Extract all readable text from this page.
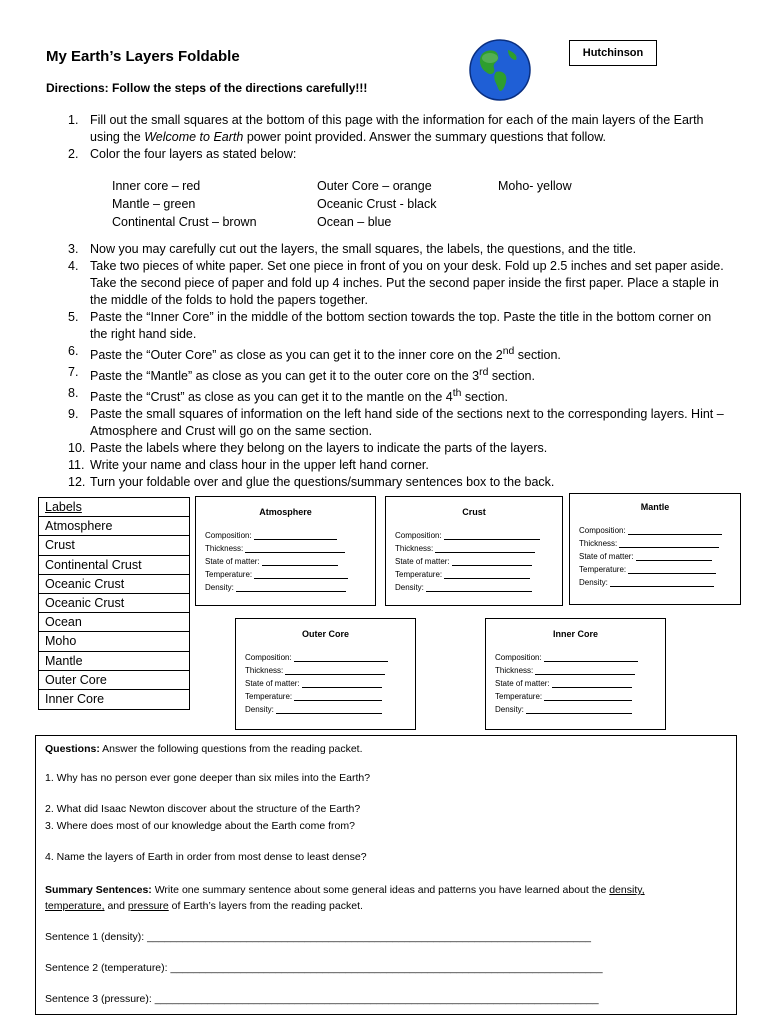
My Earth’s Layers Foldable	Hutchinson
Directions: Follow the steps of the directions carefully!!!
1. Fill out the small squares at the bottom of this page with the information for each of the main layers of the Earth using the Welcome to Earth power point provided. Answer the summary questions that follow.
2. Color the four layers as stated below:
Inner core – red	Outer Core – orange	Moho- yellow
Mantle – green	Oceanic Crust - black
Continental Crust – brown	Ocean – blue
3. Now you may carefully cut out the layers, the small squares, the labels, the questions, and the title.
4. Take two pieces of white paper. Set one piece in front of you on your desk. Fold up 2.5 inches and set paper aside. Take the second piece of paper and fold up 4 inches. Put the second paper inside the first paper. Place a staple in the middle of the folds to hold the papers together.
5. Paste the “Inner Core” in the middle of the bottom section towards the top. Paste the title in the bottom corner on the right hand side.
6. Paste the “Outer Core” as close as you can get it to the inner core on the 2nd section.
7. Paste the “Mantle” as close as you can get it to the outer core on the 3rd section.
8. Paste the “Crust” as close as you can get it to the mantle on the 4th section.
9. Paste the small squares of information on the left hand side of the sections next to the corresponding layers. Hint – Atmosphere and Crust will go on the same section.
10. Paste the labels where they belong on the layers to indicate the parts of the layers.
11. Write your name and class hour in the upper left hand corner.
12. Turn your foldable over and glue the questions/summary sentences box to the back.
Labels
Atmosphere
Crust
Continental Crust
Oceanic Crust
Oceanic Crust
Ocean
Moho
Mantle
Outer Core
Inner Core
Atmosphere
Composition:
Thickness:
State of matter:
Temperature:
Density:
Crust
Composition:
Thickness:
State of matter:
Temperature:
Density:
Mantle
Composition:
Thickness:
State of matter:
Temperature:
Density:
Outer Core
Composition:
Thickness:
State of matter:
Temperature:
Density:
Inner Core
Composition:
Thickness:
State of matter:
Temperature:
Density:

Questions: Answer the following questions from the reading packet.

1. Why has no person ever gone deeper than six miles into the Earth?

2. What did Isaac Newton discover about the structure of the Earth?

3. Where does most of our knowledge about the Earth come from?

4. Name the layers of Earth in order from most dense to least dense?

Summary Sentences: Write one summary sentence about some general ideas and patterns you have learned about the density,
temperature, and pressure of Earth’s layers from the reading packet.

Sentence 1 (density): ____________________________________________________________________________

Sentence 2 (temperature): __________________________________________________________________________

Sentence 3 (pressure): ____________________________________________________________________________
